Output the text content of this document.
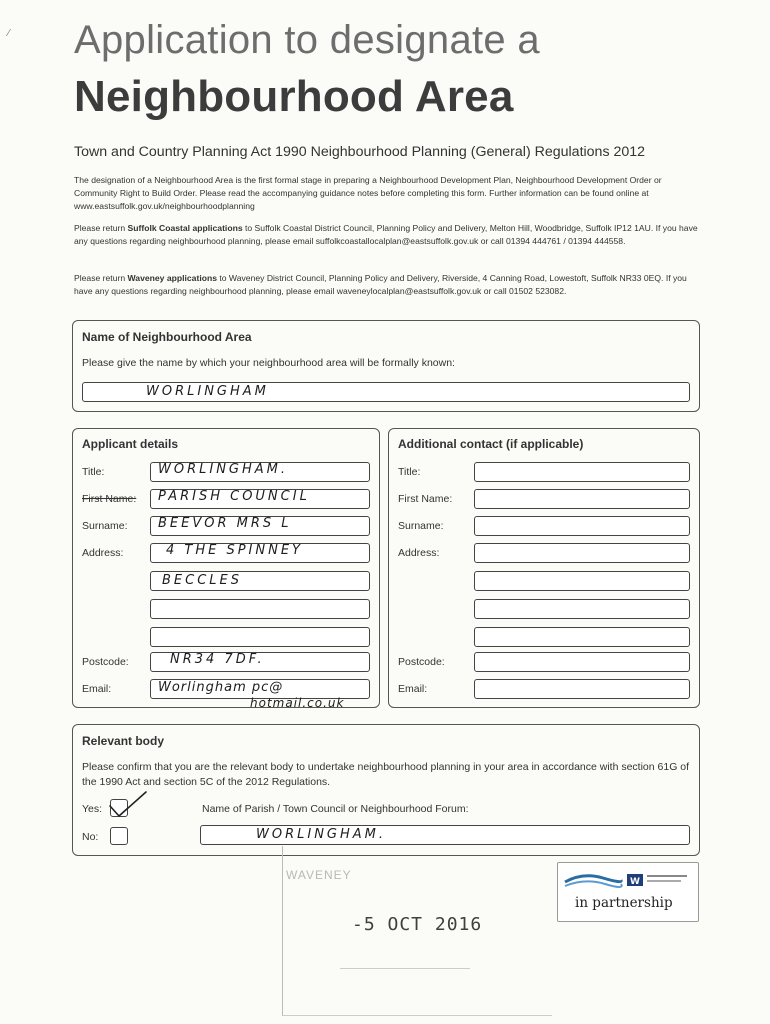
⁄ Application to designate a
Neighbourhood Area
Town and Country Planning Act 1990 Neighbourhood Planning (General) Regulations 2012
The designation of a Neighbourhood Area is the first formal stage in preparing a Neighbourhood Development Plan, Neighbourhood Development Order or Community Right to Build Order. Please read the accompanying guidance notes before completing this form. Further information can be found online at www.eastsuffolk.gov.uk/neighbourhoodplanning
Please return Suffolk Coastal applications to Suffolk Coastal District Council, Planning Policy and Delivery, Melton Hill, Woodbridge, Suffolk IP12 1AU. If you have any questions regarding neighbourhood planning, please email suffolkcoastallocalplan@eastsuffolk.gov.uk or call 01394 444761 / 01394 444558.
Please return Waveney applications to Waveney District Council, Planning Policy and Delivery, Riverside, 4 Canning Road, Lowestoft, Suffolk NR33 0EQ. If you have any questions regarding neighbourhood planning, please email waveneylocalplan@eastsuffolk.gov.uk or call 01502 523082.
Name of Neighbourhood Area
Please give the name by which your neighbourhood area will be formally known:
WORLINGHAM
Applicant details
Title:	WORLINGHAM.
First Name: PARISH COUNCIL
Surname: BEEVOR MRS L
Address:	4 THE SPINNEY
BECCLES
Postcode:	NR34 7DF.
Email:	Worlingham pc@
hotmail.co.uk
Additional contact (if applicable)
Title:
First Name:
Surname:
Address:
Postcode:
Email:
Relevant body
Please confirm that you are the relevant body to undertake neighbourhood planning in your area in accordance with section 61G of the 1990 Act and section 5C of the 2012 Regulations.
Yes:
No:
Name of Parish / Town Council or Neighbourhood Forum:
WORLINGHAM.
WAVENEY
-5 OCT 2016
W
in partnership
